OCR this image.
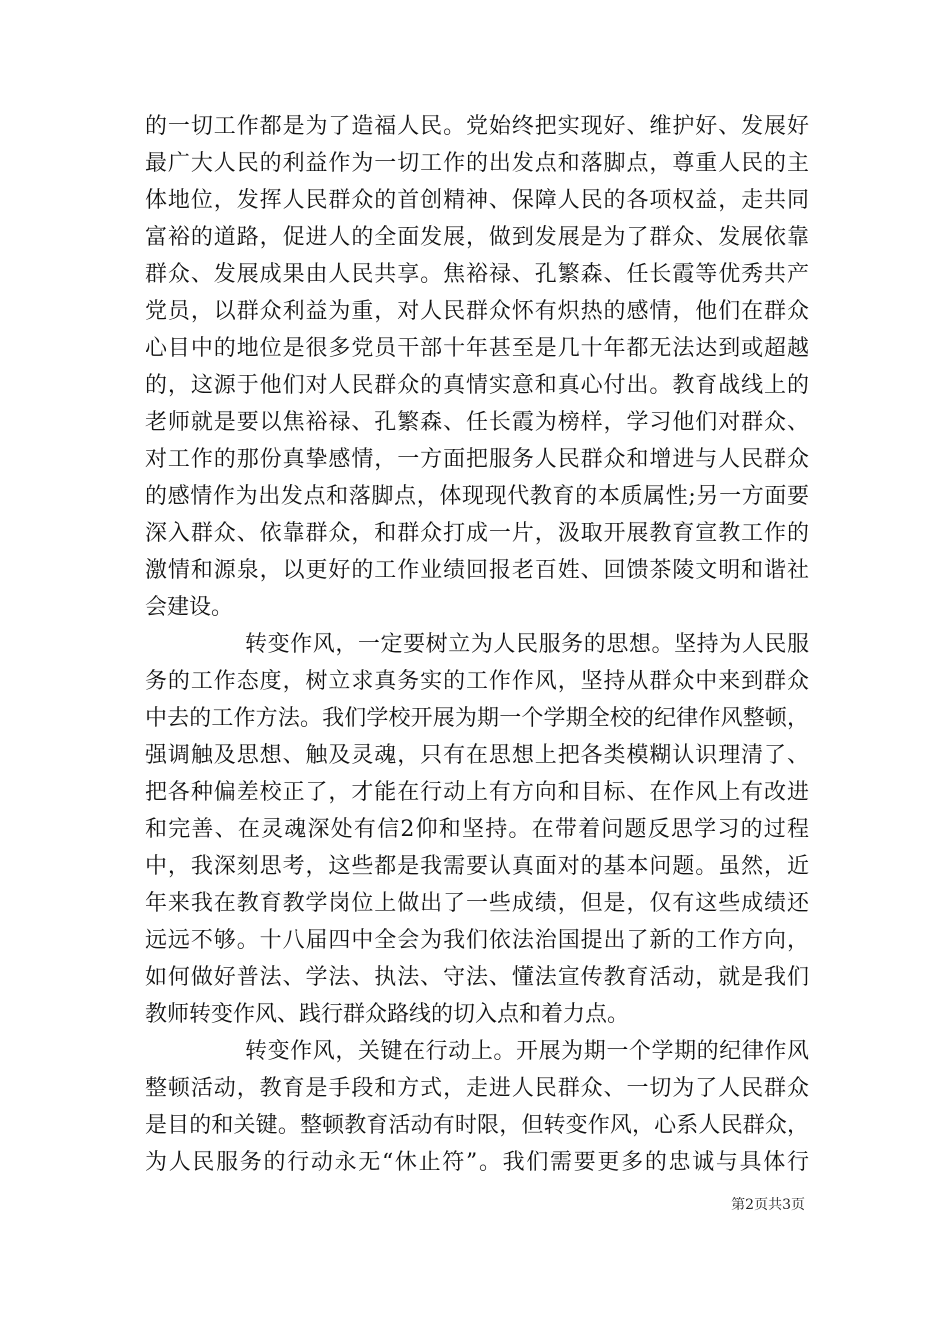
的一切工作都是为了造福人民。党始终把实现好、维护好、发展好
最广大人民的利益作为一切工作的出发点和落脚点，尊重人民的主
体地位，发挥人民群众的首创精神、保障人民的各项权益，走共同
富裕的道路，促进人的全面发展，做到发展是为了群众、发展依靠
群众、发展成果由人民共享。焦裕禄、孔繁森、任长霞等优秀共产
党员，以群众利益为重，对人民群众怀有炽热的感情，他们在群众
心目中的地位是很多党员干部十年甚至是几十年都无法达到或超越
的，这源于他们对人民群众的真情实意和真心付出。教育战线上的
老师就是要以焦裕禄、孔繁森、任长霞为榜样，学习他们对群众、
对工作的那份真挚感情，一方面把服务人民群众和增进与人民群众
的感情作为出发点和落脚点，体现现代教育的本质属性;另一方面要
深入群众、依靠群众，和群众打成一片，汲取开展教育宣教工作的
激情和源泉，以更好的工作业绩回报老百姓、回馈茶陵文明和谐社
会建设。
转变作风，一定要树立为人民服务的思想。坚持为人民服
务的工作态度，树立求真务实的工作作风，坚持从群众中来到群众
中去的工作方法。我们学校开展为期一个学期全校的纪律作风整顿，
强调触及思想、触及灵魂，只有在思想上把各类模糊认识理清了、
把各种偏差校正了，才能在行动上有方向和目标、在作风上有改进
和完善、在灵魂深处有信2仰和坚持。在带着问题反思学习的过程
中，我深刻思考，这些都是我需要认真面对的基本问题。虽然，近
年来我在教育教学岗位上做出了一些成绩，但是，仅有这些成绩还
远远不够。十八届四中全会为我们依法治国提出了新的工作方向，
如何做好普法、学法、执法、守法、懂法宣传教育活动，就是我们
教师转变作风、践行群众路线的切入点和着力点。
转变作风，关键在行动上。开展为期一个学期的纪律作风
整顿活动，教育是手段和方式，走进人民群众、一切为了人民群众
是目的和关键。整顿教育活动有时限，但转变作风，心系人民群众，
为人民服务的行动永无“休止符”。我们需要更多的忠诚与具体行
第2页共3页
